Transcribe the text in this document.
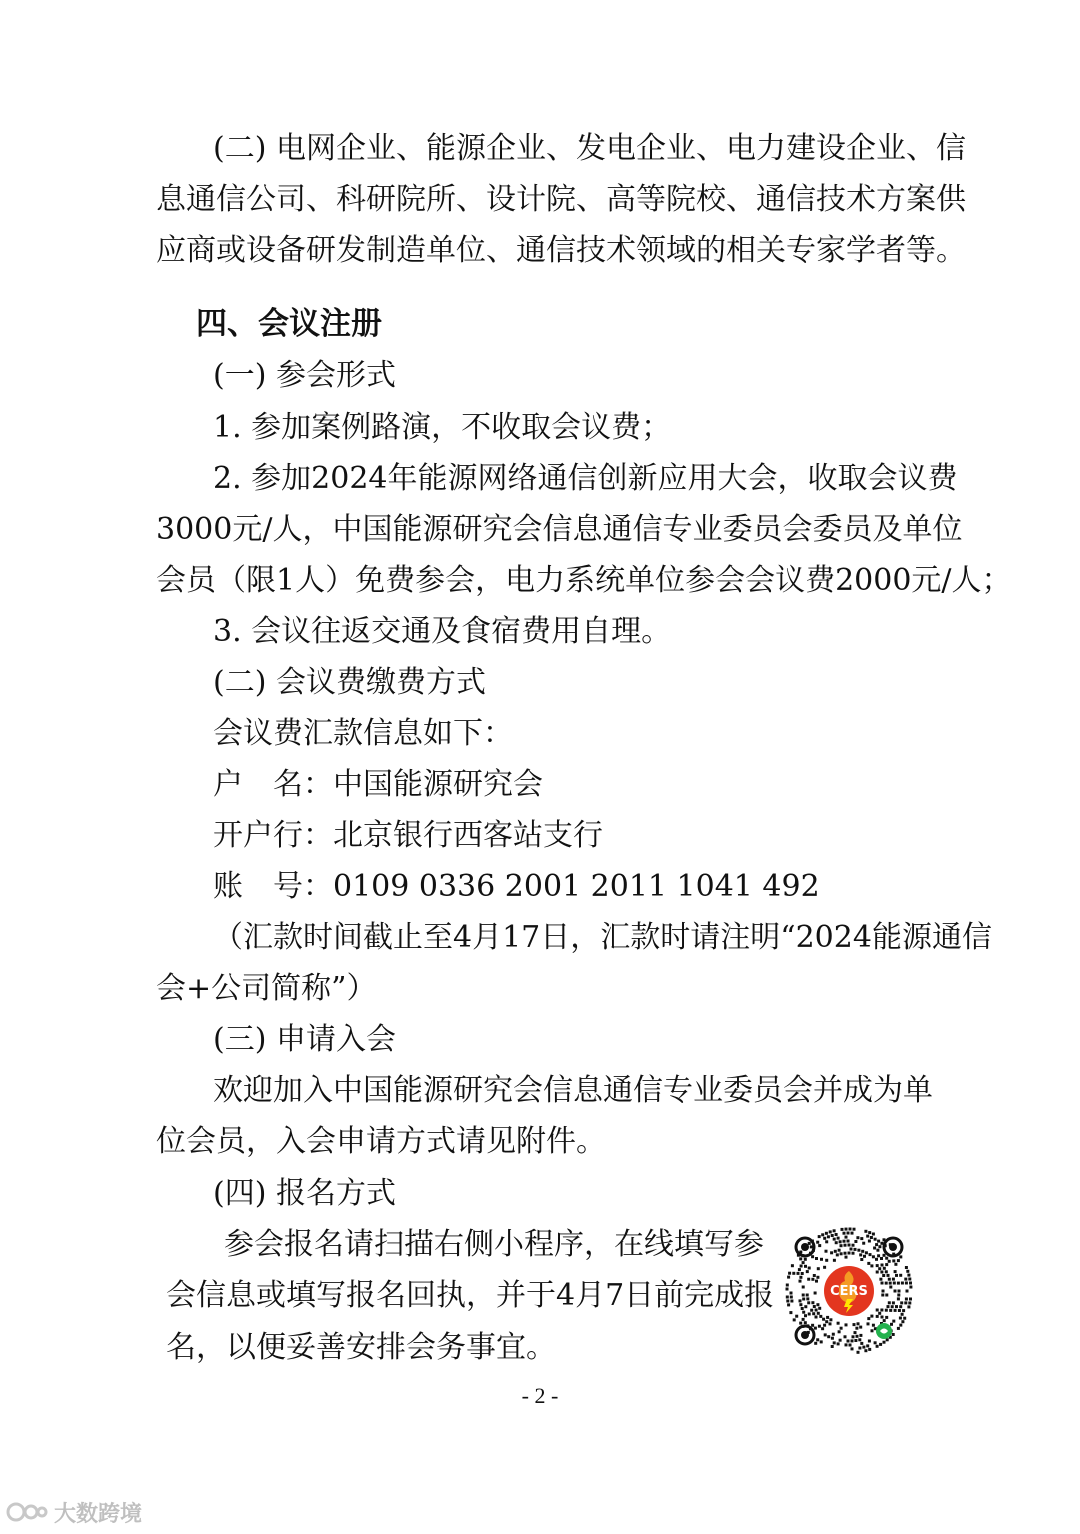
(二) 电网企业、能源企业、发电企业、电力建设企业、信
息通信公司、科研院所、设计院、高等院校、通信技术方案供
应商或设备研发制造单位、通信技术领域的相关专家学者等。
四、会议注册
(一) 参会形式
1. 参加案例路演，不收取会议费；
2. 参加2024年能源网络通信创新应用大会，收取会议费
3000元/人，中国能源研究会信息通信专业委员会委员及单位
会员（限1人）免费参会，电力系统单位参会会议费2000元/人；
3. 会议往返交通及食宿费用自理。
(二) 会议费缴费方式
会议费汇款信息如下：
户　名：中国能源研究会
开户行：北京银行西客站支行
账　号：0109 0336 2001 2011 1041 492
（汇款时间截止至4月17日，汇款时请注明“2024能源通信
会+公司简称”）
(三) 申请入会
欢迎加入中国能源研究会信息通信专业委员会并成为单
位会员，入会申请方式请见附件。
(四) 报名方式
参会报名请扫描右侧小程序，在线填写参
会信息或填写报名回执，并于4月7日前完成报
名，以便妥善安排会务事宜。
CERS
- 2 -
大数跨境
